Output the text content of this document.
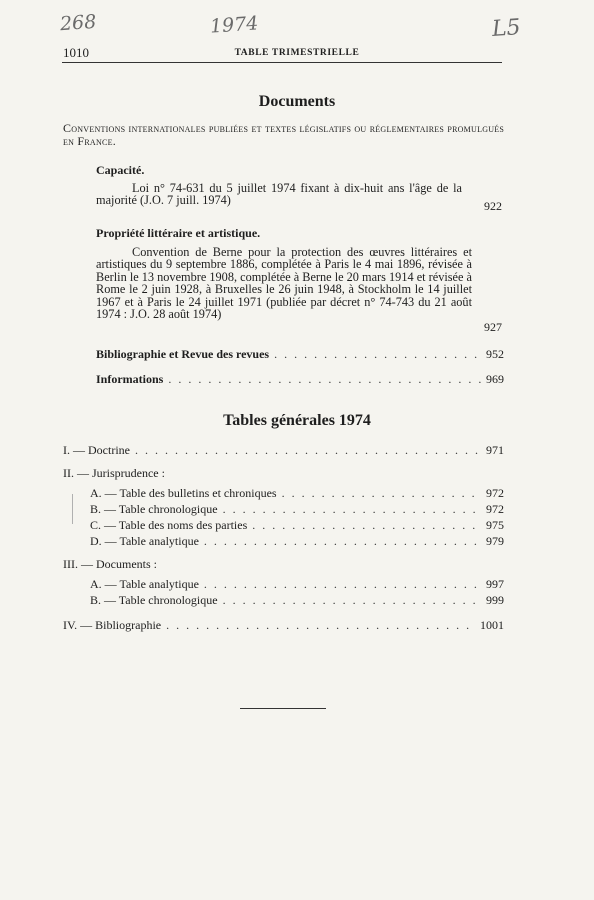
268	1974	L5
1010	TABLE TRIMESTRIELLE
Documents
Conventions internationales publiées et textes législatifs ou réglementaires promulgués en France.
Capacité.
Loi n° 74-631 du 5 juillet 1974 fixant à dix-huit ans l'âge de la majorité (J.O. 7 juill. 1974)	922
Propriété littéraire et artistique.
Convention de Berne pour la protection des œuvres littéraires et artistiques du 9 septembre 1886, complétée à Paris le 4 mai 1896, révisée à Berlin le 13 novembre 1908, complétée à Berne le 20 mars 1914 et révisée à Rome le 2 juin 1928, à Bruxelles le 26 juin 1948, à Stockholm le 14 juillet 1967 et à Paris le 24 juillet 1971 (publiée par décret n° 74-743 du 21 août 1974 : J.O. 28 août 1974)
927
Bibliographie et Revue des revues . . .	952
Informations . . .	969
Tables générales 1974
I. — Doctrine . . .	971
II. — Jurisprudence :
A. — Table des bulletins et chroniques . . .	972
B. — Table chronologique . . .	972
C. — Table des noms des parties . . .	975
D. — Table analytique . . .	979
III. — Documents :
A. — Table analytique . . .	997
B. — Table chronologique . . .	999
IV. — Bibliographie . . .	1001
